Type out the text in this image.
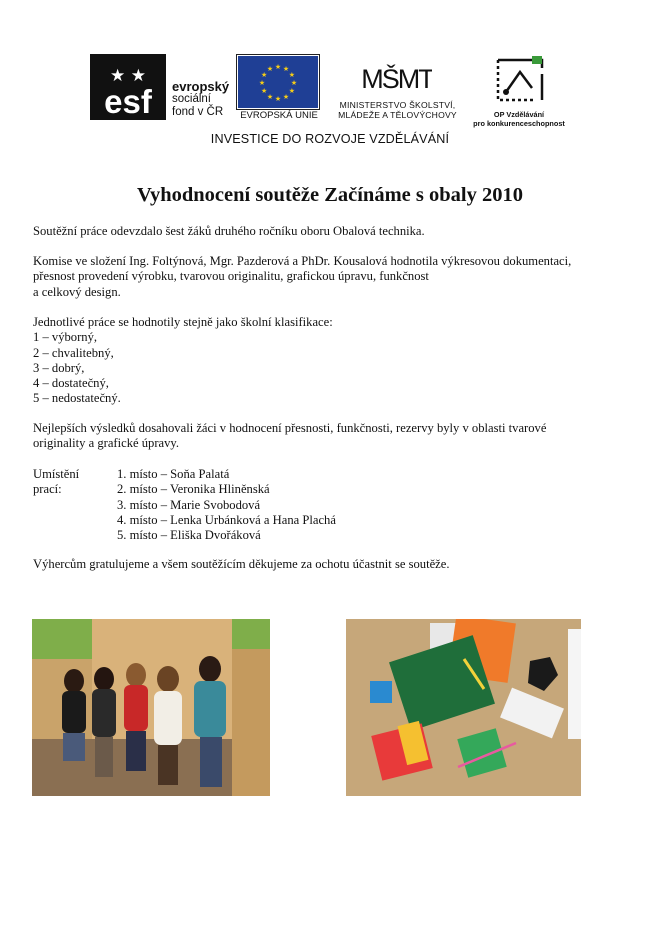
★ ★
esf evropský
sociální
fond v ČR
★
★
★
★
★
★
★
★
★ ★ ★
★
EVROPSKÁ UNIE
MŠMT
MINISTERSTVO ŠKOLSTVÍ,
MLÁDEŽE A TĚLOVÝCHOVY	OP Vzdělávání
pro konkurenceschopnost
INVESTICE DO ROZVOJE VZDĚLÁVÁNÍ
Vyhodnocení soutěže Začínáme s obaly 2010
Soutěžní práce odevzdalo šest žáků druhého ročníku oboru Obalová technika.
Komise ve složení Ing. Foltýnová, Mgr. Pazderová a PhDr. Kousalová hodnotila výkresovou dokumentaci,
přesnost provedení výrobku, tvarovou originalitu, grafickou úpravu, funkčnost
a celkový design.
Jednotlivé práce se hodnotily stejně jako školní klasifikace:
1 – výborný,
2 – chvalitebný,
3 – dobrý,
4 – dostatečný,
5 – nedostatečný.
Nejlepších výsledků dosahovali žáci v hodnocení přesnosti, funkčnosti, rezervy byly v oblasti tvarové
originality a grafické úpravy.
Umístění prací:
1. místo – Soňa Palatá
2. místo – Veronika Hliněnská
3. místo – Marie Svobodová
4. místo – Lenka Urbánková a Hana Plachá
5. místo – Eliška Dvořáková
Výhercům gratulujeme a všem soutěžícím děkujeme za ochotu účastnit se soutěže.
